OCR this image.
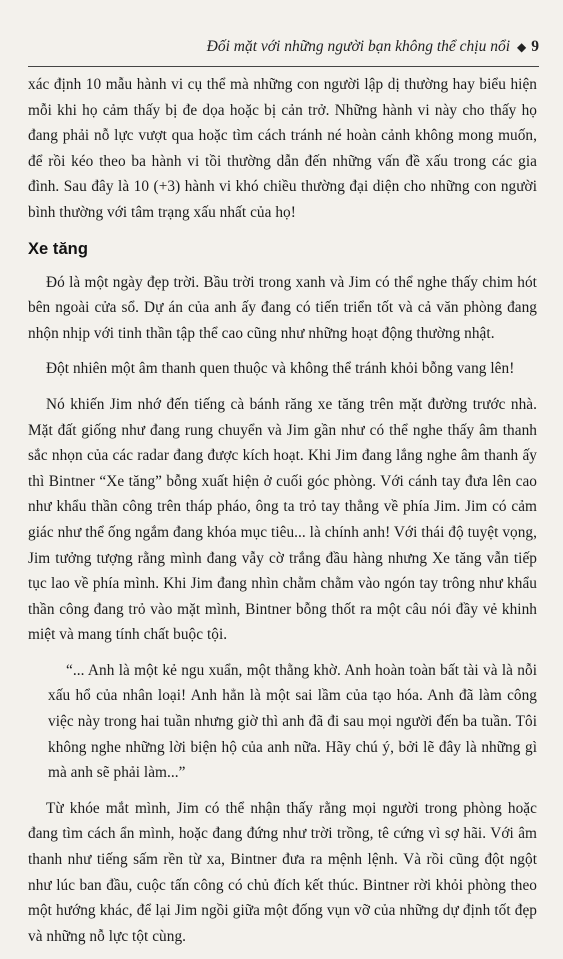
Đối mặt với những người bạn không thể chịu nổi ◆ 9

xác định 10 mẫu hành vi cụ thể mà những con người lập dị thường hay biểu hiện mỗi khi họ cảm thấy bị đe dọa hoặc bị cản trở. Những hành vi này cho thấy họ đang phải nỗ lực vượt qua hoặc tìm cách tránh né hoàn cảnh không mong muốn, để rồi kéo theo ba hành vi tồi thường dẫn đến những vấn đề xấu trong các gia đình. Sau đây là 10 (+3) hành vi khó chiều thường đại diện cho những con người bình thường với tâm trạng xấu nhất của họ!

Xe tăng

Đó là một ngày đẹp trời. Bầu trời trong xanh và Jim có thể nghe thấy chim hót bên ngoài cửa sổ. Dự án của anh ấy đang có tiến triển tốt và cả văn phòng đang nhộn nhịp với tinh thần tập thể cao cũng như những hoạt động thường nhật.

Đột nhiên một âm thanh quen thuộc và không thể tránh khỏi bỗng vang lên!

Nó khiến Jim nhớ đến tiếng cà bánh răng xe tăng trên mặt đường trước nhà. Mặt đất giống như đang rung chuyển và Jim gần như có thể nghe thấy âm thanh sắc nhọn của các radar đang được kích hoạt. Khi Jim đang lắng nghe âm thanh ấy thì Bintner “Xe tăng” bỗng xuất hiện ở cuối góc phòng. Với cánh tay đưa lên cao như khẩu thần công trên tháp pháo, ông ta trỏ tay thẳng về phía Jim. Jim có cảm giác như thể ống ngắm đang khóa mục tiêu... là chính anh! Với thái độ tuyệt vọng, Jim tưởng tượng rằng mình đang vẫy cờ trắng đầu hàng nhưng Xe tăng vẫn tiếp tục lao về phía mình. Khi Jim đang nhìn chằm chằm vào ngón tay trông như khẩu thần công đang trỏ vào mặt mình, Bintner bỗng thốt ra một câu nói đầy vẻ khinh miệt và mang tính chất buộc tội.

“... Anh là một kẻ ngu xuẩn, một thằng khờ. Anh hoàn toàn bất tài và là nỗi xấu hổ của nhân loại! Anh hẳn là một sai lầm của tạo hóa. Anh đã làm công việc này trong hai tuần nhưng giờ thì anh đã đi sau mọi người đến ba tuần. Tôi không nghe những lời biện hộ của anh nữa. Hãy chú ý, bởi lẽ đây là những gì mà anh sẽ phải làm...”

Từ khóe mắt mình, Jim có thể nhận thấy rằng mọi người trong phòng hoặc đang tìm cách ẩn mình, hoặc đang đứng như trời trồng, tê cứng vì sợ hãi. Với âm thanh như tiếng sấm rền từ xa, Bintner đưa ra mệnh lệnh. Và rồi cũng đột ngột như lúc ban đầu, cuộc tấn công có chủ đích kết thúc. Bintner rời khỏi phòng theo một hướng khác, để lại Jim ngồi giữa một đống vụn vỡ của những dự định tốt đẹp và những nỗ lực tột cùng.
